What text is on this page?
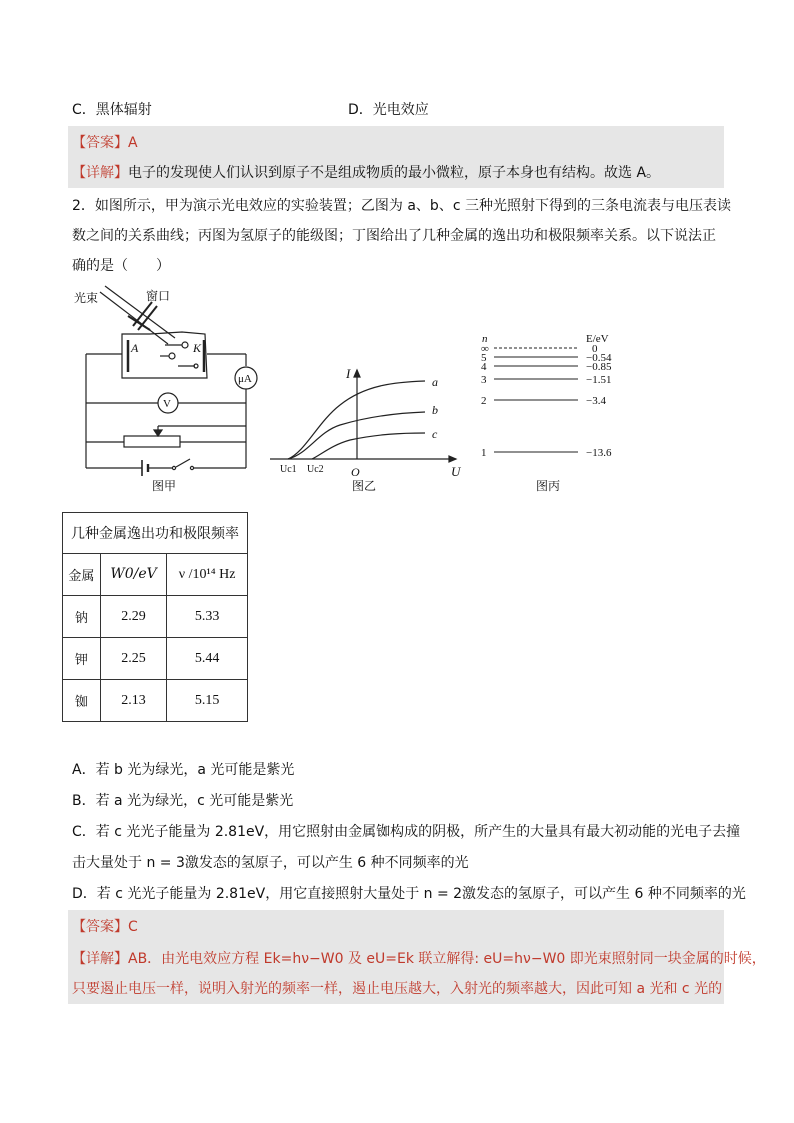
C．黑体辐射	D．光电效应
【答案】A
【详解】电子的发现使人们认识到原子不是组成物质的最小微粒，原子本身也有结构。故选 A。
2．如图所示，甲为演示光电效应的实验装置；乙图为 a、b、c 三种光照射下得到的三条电流表与电压表读
数之间的关系曲线；丙图为氢原子的能级图；丁图给出了几种金属的逸出功和极限频率关系。以下说法正
确的是（　　）
光束	窗口
A	K
μA
V
图甲
I
U
O
Uc1 Uc2
a
b
c
图乙
n	E/eV
∞	0
5	−0.54
4	−0.85
3	−1.51
2	−3.4
1	−13.6
图丙
几种金属逸出功和极限频率		
金属	W0/eV	ν /10¹⁴ Hz
钠	2.29	5.33
钾	2.25	5.44
铷	2.13	5.15
A．若 b 光为绿光，a 光可能是紫光
B．若 a 光为绿光，c 光可能是紫光
C．若 c 光光子能量为 2.81eV，用它照射由金属铷构成的阴极，所产生的大量具有最大初动能的光电子去撞
击大量处于 n = 3激发态的氢原子，可以产生 6 种不同频率的光
D．若 c 光光子能量为 2.81eV，用它直接照射大量处于 n = 2激发态的氢原子，可以产生 6 种不同频率的光
【答案】C
【详解】AB．由光电效应方程 Ek=hν−W0 及 eU=Ek 联立解得: eU=hν−W0 即光束照射同一块金属的时候，
只要遏止电压一样，说明入射光的频率一样，遏止电压越大，入射光的频率越大，因此可知 a 光和 c 光的
